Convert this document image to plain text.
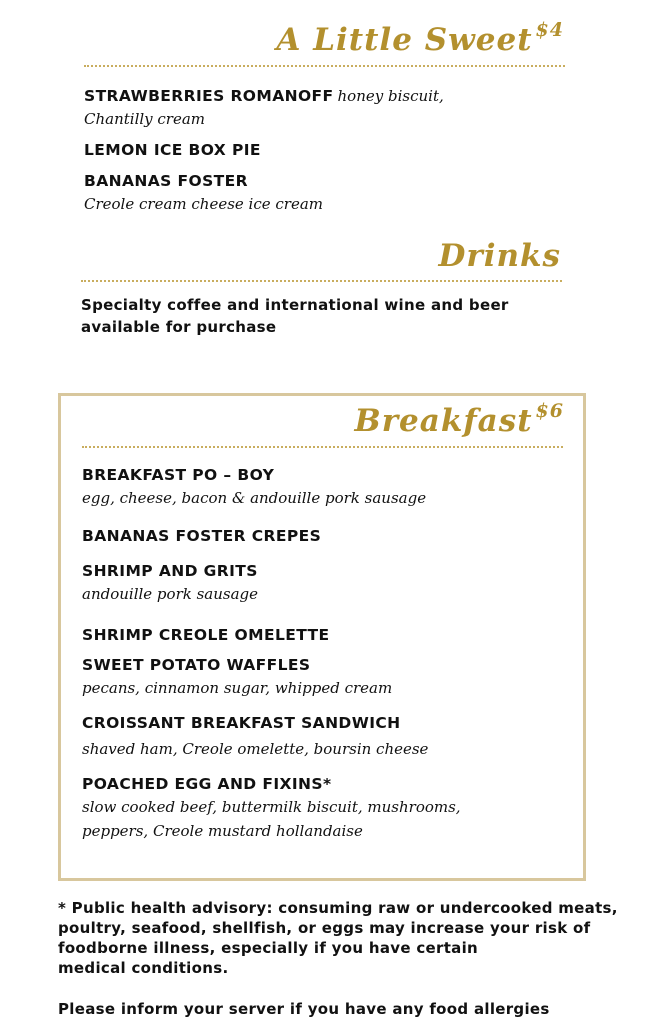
A Little Sweet $^{\$4}$
STRAWBERRIES ROMANOFF honey biscuit,
Chantilly cream
LEMON ICE BOX PIE
BANANAS FOSTER
Creole cream cheese ice cream
Drinks
Specialty coffee and international wine and beer
available for purchase
Breakfast $^{\$6}$
BREAKFAST PO – BOY
egg, cheese, bacon & andouille pork sausage
BANANAS FOSTER CREPES
SHRIMP AND GRITS
andouille pork sausage
SHRIMP CREOLE OMELETTE
SWEET POTATO WAFFLES
pecans, cinnamon sugar, whipped cream
CROISSANT BREAKFAST SANDWICH
shaved ham, Creole omelette, boursin cheese
POACHED EGG AND FIXINS*
slow cooked beef, buttermilk biscuit, mushrooms,
peppers, Creole mustard hollandaise
* Public health advisory: consuming raw or undercooked meats,
poultry, seafood, shellfish, or eggs may increase your risk of
foodborne illness, especially if you have certain
medical conditions.
Please inform your server if you have any food allergies
